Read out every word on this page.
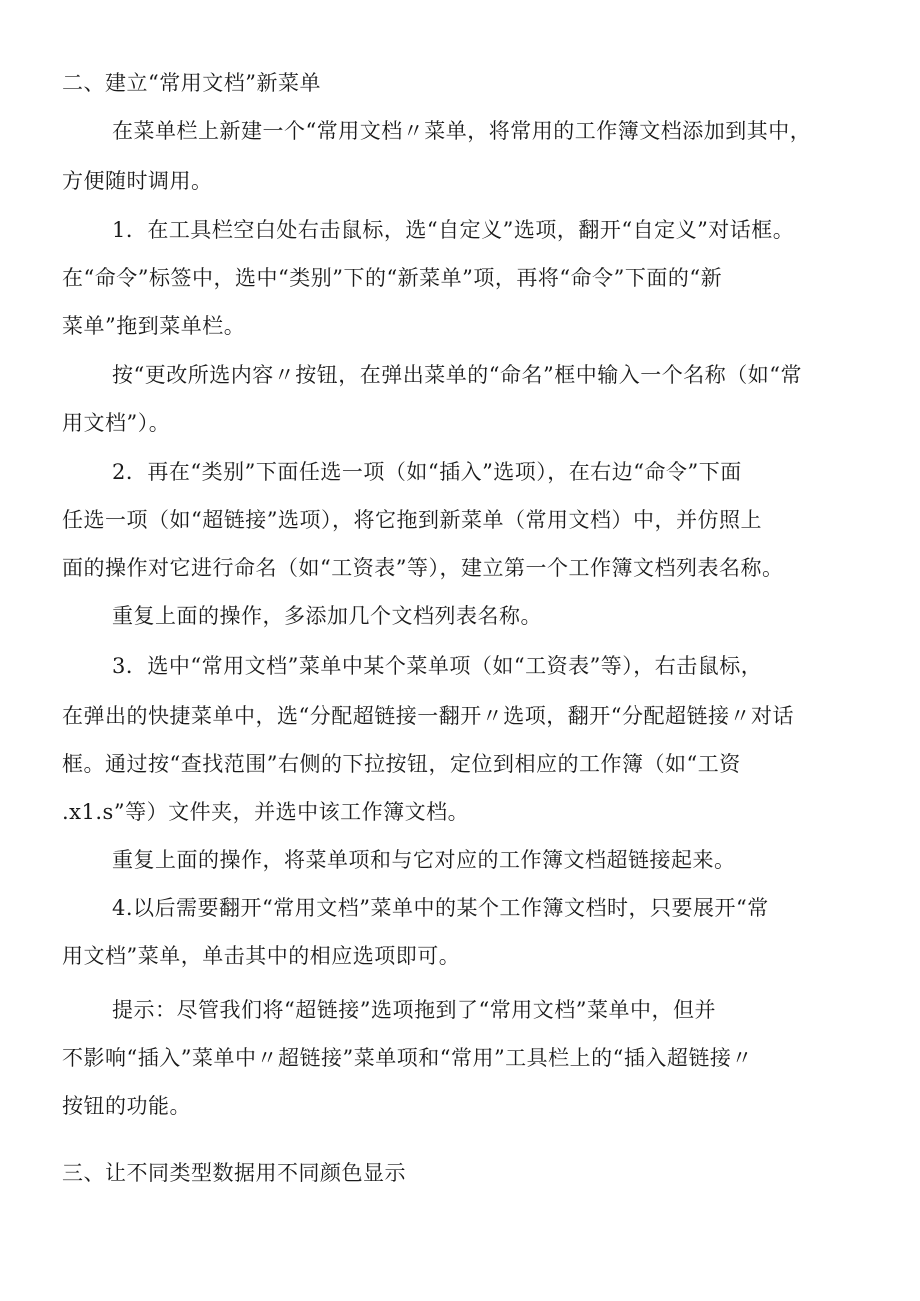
二、建立“常用文档”新菜单
在菜单栏上新建一个“常用文档〃菜单，将常用的工作簿文档添加到其中，
方便随时调用。
1．在工具栏空白处右击鼠标，选“自定义”选项，翻开“自定义”对话框。
在“命令”标签中，选中“类别”下的“新菜单”项，再将“命令”下面的“新
菜单”拖到菜单栏。
按“更改所选内容〃按钮，在弹出菜单的“命名”框中输入一个名称（如“常
用文档”）。
2．再在“类别”下面任选一项（如“插入”选项），在右边“命令”下面
任选一项（如“超链接”选项），将它拖到新菜单（常用文档）中，并仿照上
面的操作对它进行命名（如“工资表”等），建立第一个工作簿文档列表名称。
重复上面的操作，多添加几个文档列表名称。
3．选中“常用文档”菜单中某个菜单项（如“工资表”等），右击鼠标，
在弹出的快捷菜单中，选“分配超链接一翻开〃选项，翻开“分配超链接〃对话
框。通过按“查找范围”右侧的下拉按钮，定位到相应的工作簿（如“工资
.x1.s”等）文件夹，并选中该工作簿文档。
重复上面的操作，将菜单项和与它对应的工作簿文档超链接起来。
4.以后需要翻开“常用文档”菜单中的某个工作簿文档时，只要展开“常
用文档”菜单，单击其中的相应选项即可。
提示：尽管我们将“超链接”选项拖到了“常用文档”菜单中，但并
不影响“插入”菜单中〃超链接”菜单项和“常用”工具栏上的“插入超链接〃
按钮的功能。
三、让不同类型数据用不同颜色显示
